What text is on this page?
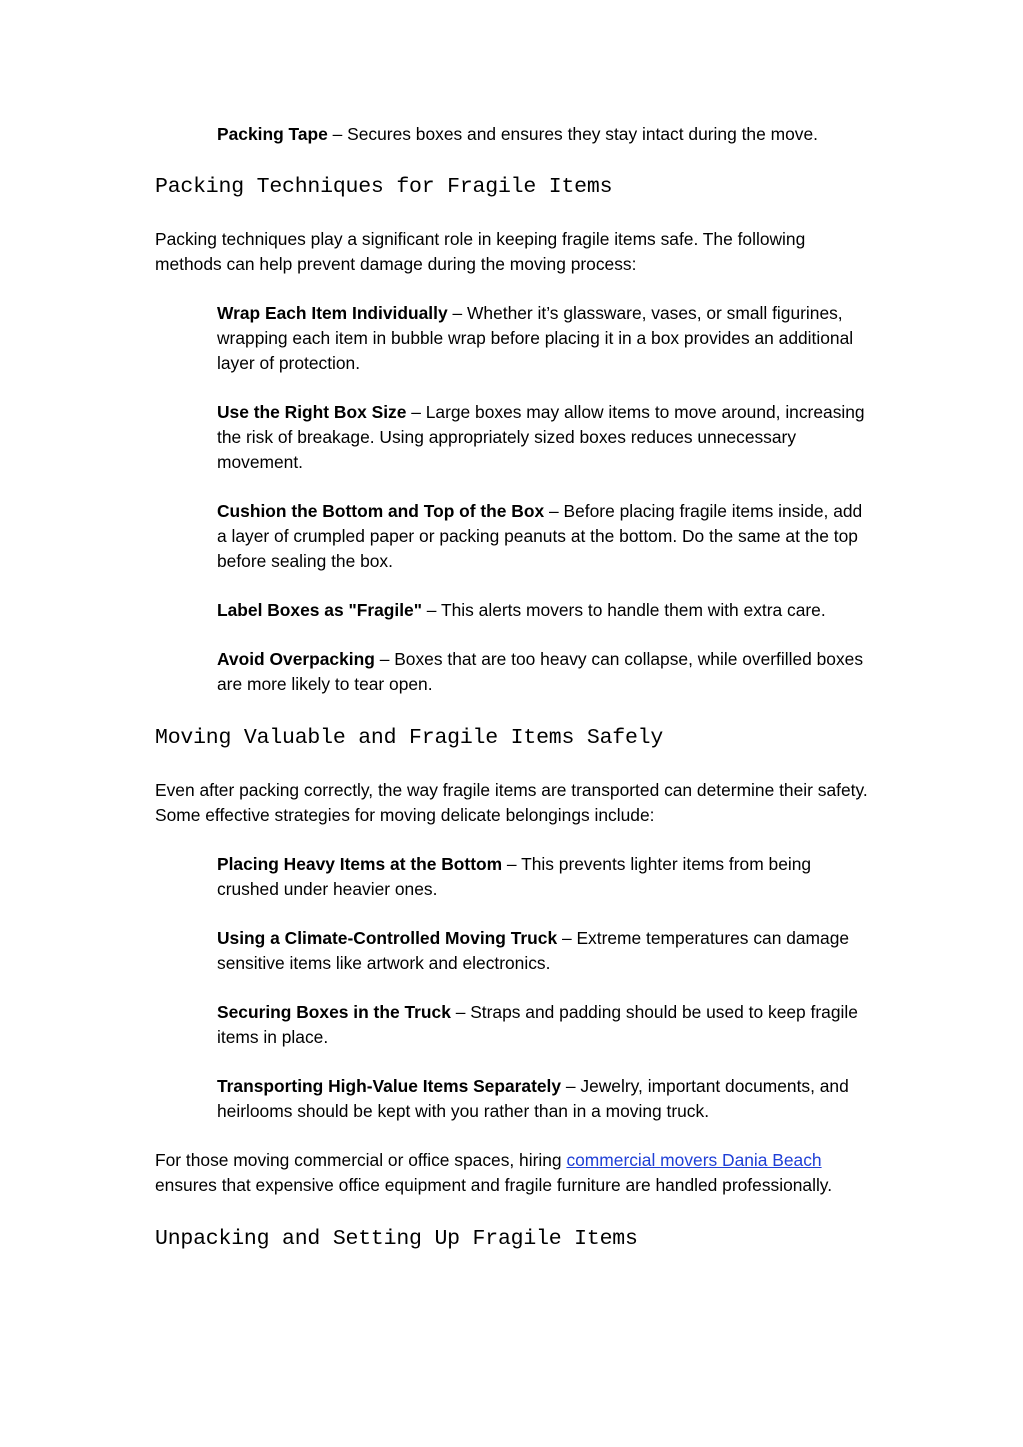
Packing Tape – Secures boxes and ensures they stay intact during the move.

Packing Techniques for Fragile Items

Packing techniques play a significant role in keeping fragile items safe. The following methods can help prevent damage during the moving process:

Wrap Each Item Individually – Whether it’s glassware, vases, or small figurines, wrapping each item in bubble wrap before placing it in a box provides an additional layer of protection.

Use the Right Box Size – Large boxes may allow items to move around, increasing the risk of breakage. Using appropriately sized boxes reduces unnecessary movement.

Cushion the Bottom and Top of the Box – Before placing fragile items inside, add a layer of crumpled paper or packing peanuts at the bottom. Do the same at the top before sealing the box.

Label Boxes as "Fragile" – This alerts movers to handle them with extra care.

Avoid Overpacking – Boxes that are too heavy can collapse, while overfilled boxes are more likely to tear open.

Moving Valuable and Fragile Items Safely

Even after packing correctly, the way fragile items are transported can determine their safety. Some effective strategies for moving delicate belongings include:

Placing Heavy Items at the Bottom – This prevents lighter items from being crushed under heavier ones.

Using a Climate-Controlled Moving Truck – Extreme temperatures can damage sensitive items like artwork and electronics.

Securing Boxes in the Truck – Straps and padding should be used to keep fragile items in place.

Transporting High-Value Items Separately – Jewelry, important documents, and heirlooms should be kept with you rather than in a moving truck.

For those moving commercial or office spaces, hiring commercial movers Dania Beach ensures that expensive office equipment and fragile furniture are handled professionally.

Unpacking and Setting Up Fragile Items
